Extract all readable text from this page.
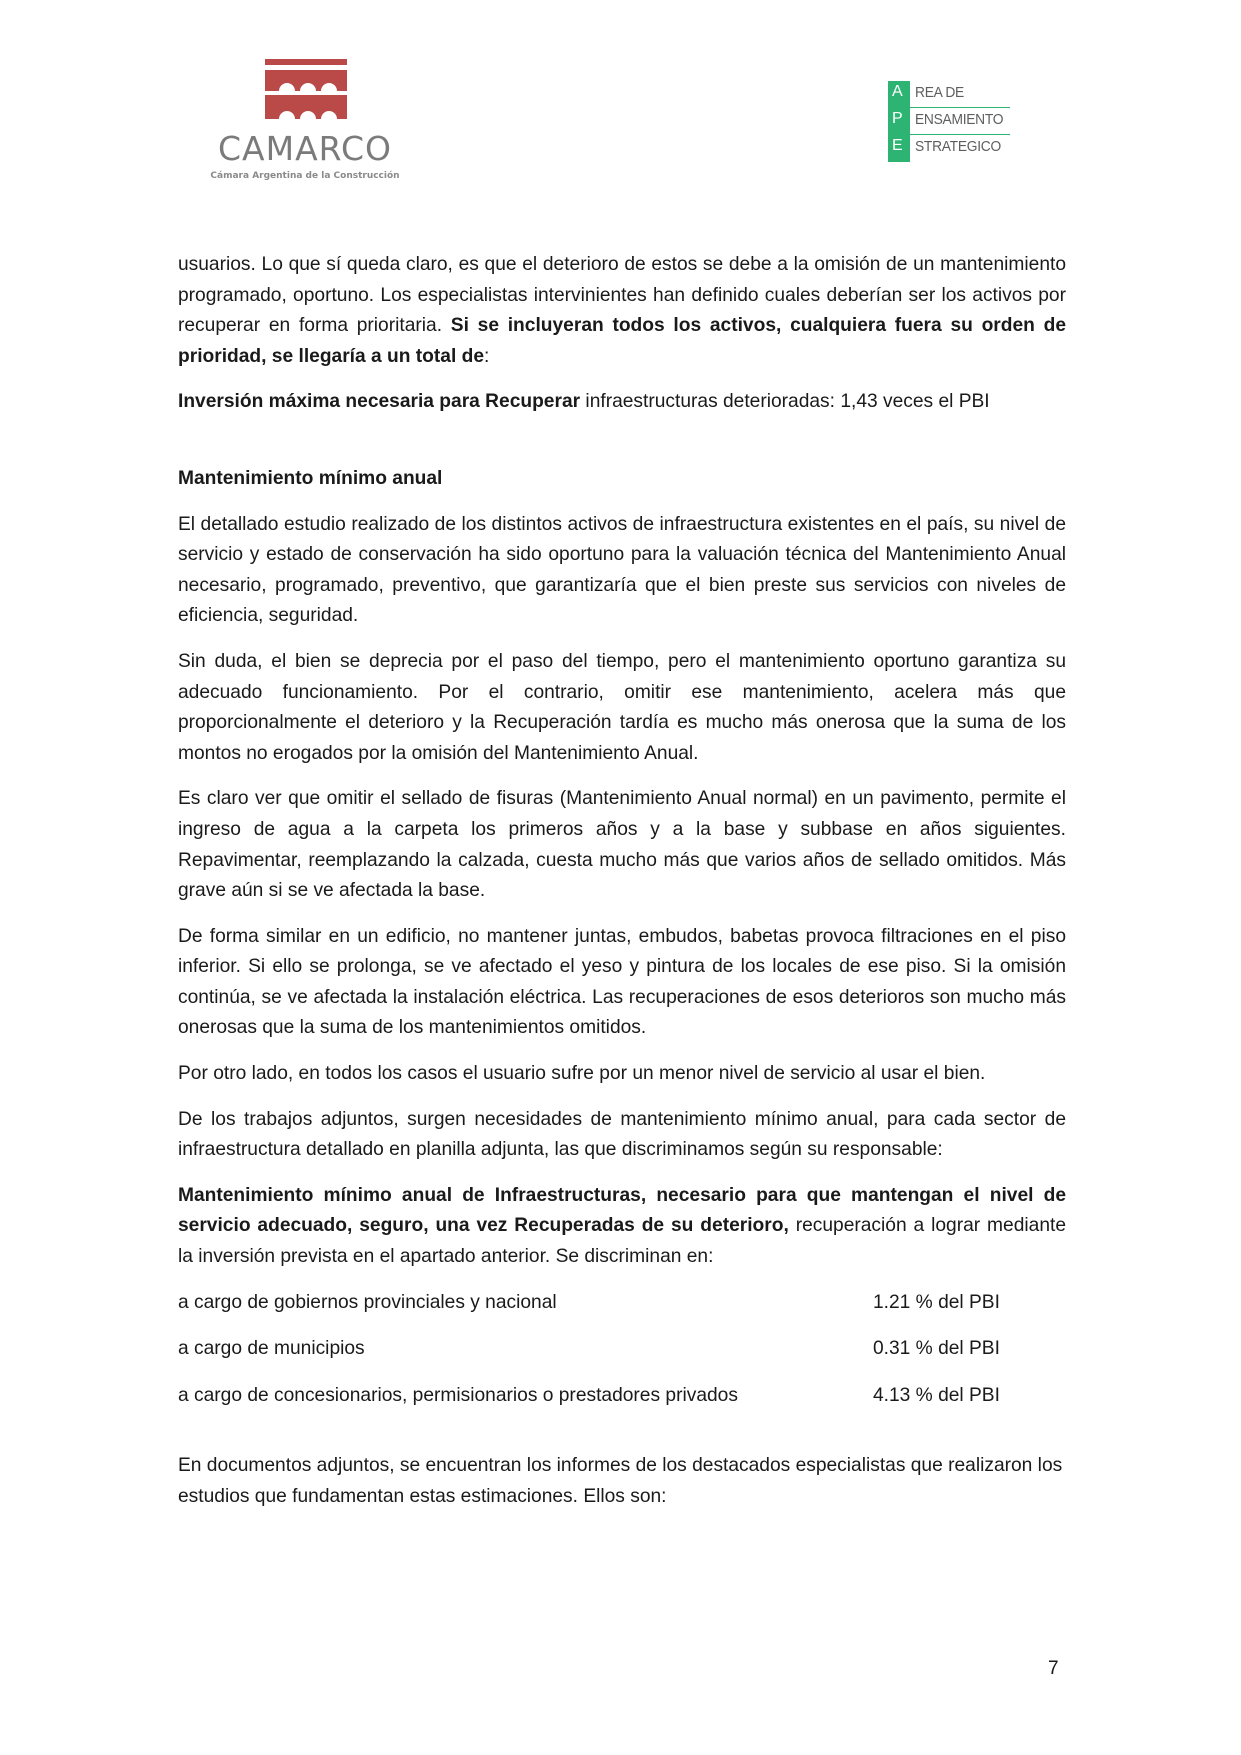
CAMARCO
Cámara Argentina de la Construcción
A REA DE
P ENSAMIENTO
E STRATEGICO

usuarios. Lo que sí queda claro, es que el deterioro de estos se debe a la omisión de un mantenimiento programado, oportuno. Los especialistas intervinientes han definido cuales deberían ser los activos por recuperar en forma prioritaria. Si se incluyeran todos los activos, cualquiera fuera su orden de prioridad, se llegaría a un total de:

Inversión máxima necesaria para Recuperar infraestructuras deterioradas: 1,43 veces el PBI

Mantenimiento mínimo anual

El detallado estudio realizado de los distintos activos de infraestructura existentes en el país, su nivel de servicio y estado de conservación ha sido oportuno para la valuación técnica del Mantenimiento Anual necesario, programado, preventivo, que garantizaría que el bien preste sus servicios con niveles de eficiencia, seguridad.

Sin duda, el bien se deprecia por el paso del tiempo, pero el mantenimiento oportuno garantiza su adecuado funcionamiento. Por el contrario, omitir ese mantenimiento, acelera más que proporcionalmente el deterioro y la Recuperación tardía es mucho más onerosa que la suma de los montos no erogados por la omisión del Mantenimiento Anual.

Es claro ver que omitir el sellado de fisuras (Mantenimiento Anual normal) en un pavimento, permite el ingreso de agua a la carpeta los primeros años y a la base y subbase en años siguientes. Repavimentar, reemplazando la calzada, cuesta mucho más que varios años de sellado omitidos. Más grave aún si se ve afectada la base.

De forma similar en un edificio, no mantener juntas, embudos, babetas provoca filtraciones en el piso inferior. Si ello se prolonga, se ve afectado el yeso y pintura de los locales de ese piso. Si la omisión continúa, se ve afectada la instalación eléctrica. Las recuperaciones de esos deterioros son mucho más onerosas que la suma de los mantenimientos omitidos.

Por otro lado, en todos los casos el usuario sufre por un menor nivel de servicio al usar el bien.

De los trabajos adjuntos, surgen necesidades de mantenimiento mínimo anual, para cada sector de infraestructura detallado en planilla adjunta, las que discriminamos según su responsable:

Mantenimiento mínimo anual de Infraestructuras, necesario para que mantengan el nivel de servicio adecuado, seguro, una vez Recuperadas de su deterioro, recuperación a lograr mediante la inversión prevista en el apartado anterior. Se discriminan en:

a cargo de gobiernos provinciales y nacional	1.21 % del PBI
a cargo de municipios	0.31 % del PBI
a cargo de concesionarios, permisionarios o prestadores privados	4.13 % del PBI

En documentos adjuntos, se encuentran los informes de los destacados especialistas que realizaron los estudios que fundamentan estas estimaciones. Ellos son:

7
